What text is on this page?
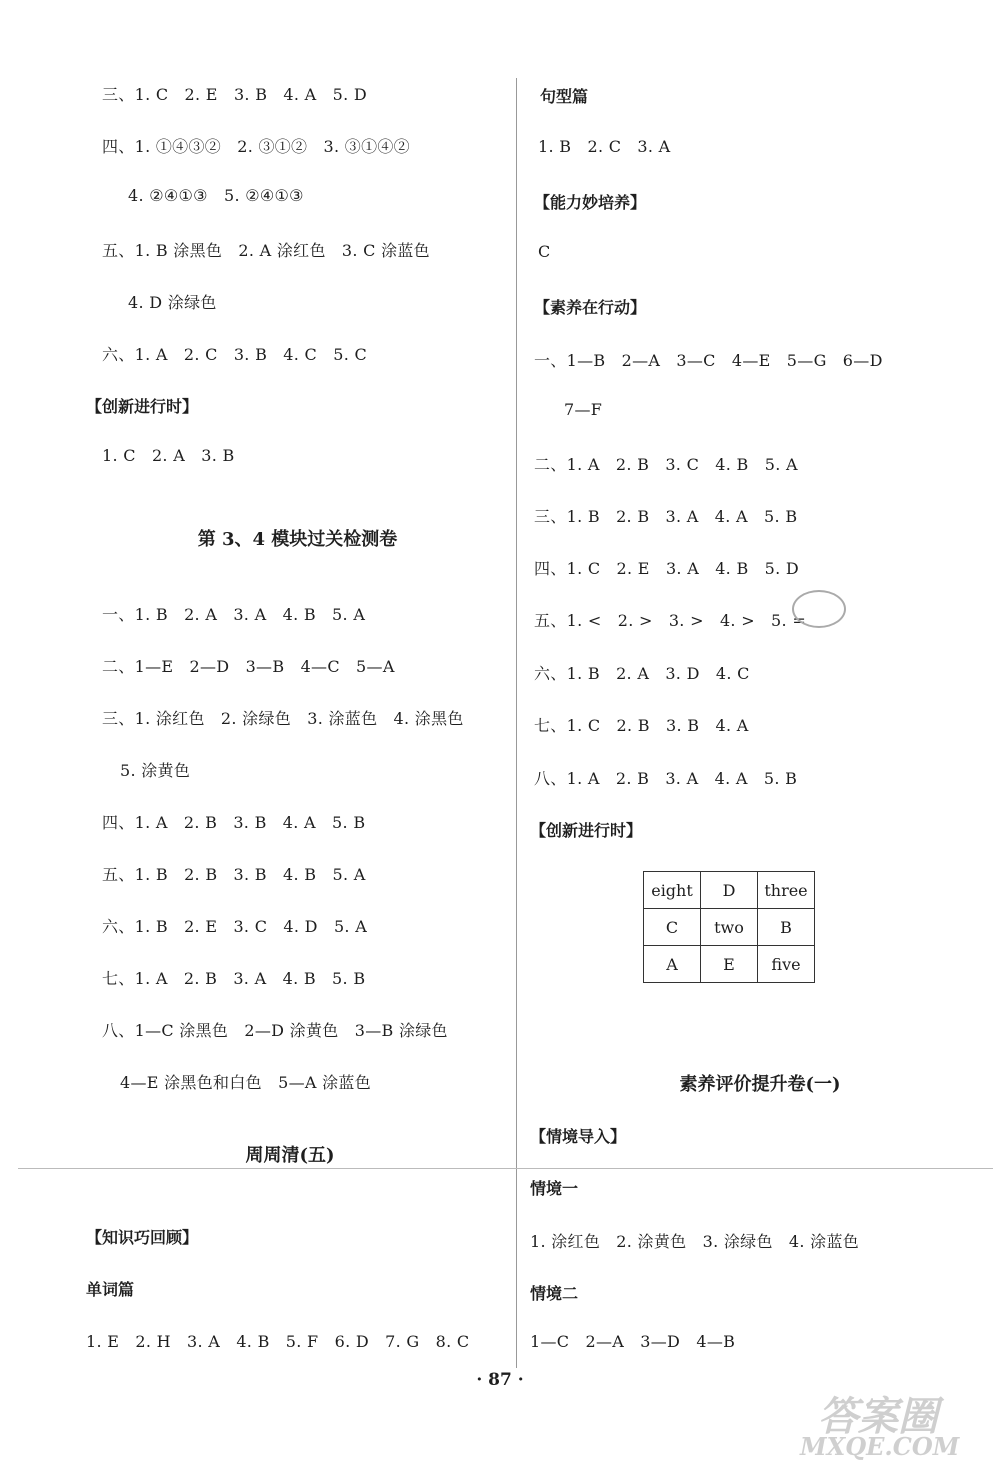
三、1. C   2. E   3. B   4. A   5. D
四、1. ①④③②   2. ③①②   3. ③①④②
4. ②④①③   5. ②④①③
五、1. B 涂黑色   2. A 涂红色   3. C 涂蓝色
4. D 涂绿色
六、1. A   2. C   3. B   4. C   5. C
【创新进行时】
1. C   2. A   3. B
第 3、4 模块过关检测卷
一、1. B   2. A   3. A   4. B   5. A
二、1—E   2—D   3—B   4—C   5—A
三、1. 涂红色   2. 涂绿色   3. 涂蓝色   4. 涂黑色
5. 涂黄色
四、1. A   2. B   3. B   4. A   5. B
五、1. B   2. B   3. B   4. B   5. A
六、1. B   2. E   3. C   4. D   5. A
七、1. A   2. B   3. A   4. B   5. B
八、1—C 涂黑色   2—D 涂黄色   3—B 涂绿色
4—E 涂黑色和白色   5—A 涂蓝色
周周清(五)
【知识巧回顾】
单词篇
1. E   2. H   3. A   4. B   5. F   6. D   7. G   8. C
句型篇
1. B   2. C   3. A
【能力妙培养】
C
【素养在行动】
一、1—B   2—A   3—C   4—E   5—G   6—D
7—F
二、1. A   2. B   3. C   4. B   5. A
三、1. B   2. B   3. A   4. A   5. B
四、1. C   2. E   3. A   4. B   5. D
五、1. <   2. >   3. >   4. >   5. =
六、1. B   2. A   3. D   4. C
七、1. C   2. B   3. B   4. A
八、1. A   2. B   3. A   4. A   5. B
【创新进行时】
素养评价提升卷(一)
【情境导入】
情境一
1. 涂红色   2. 涂黄色   3. 涂绿色   4. 涂蓝色
情境二
1—C   2—A   3—D   4—B
eight	D	three
C	two	B
A	E	five
· 87 ·
答案圈
MXQE.COM
